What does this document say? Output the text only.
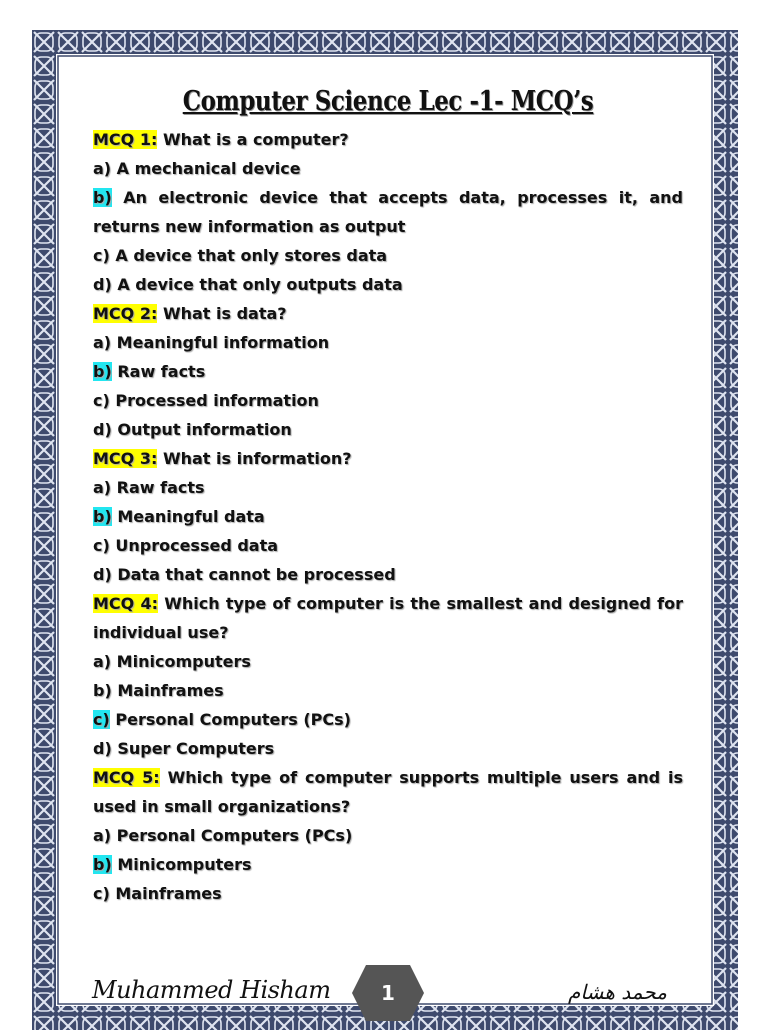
Computer Science Lec -1- MCQ’s
MCQ 1: What is a computer?
a) A mechanical device
b) An electronic device that accepts data, processes it, and returns new information as output
c) A device that only stores data
d) A device that only outputs data
MCQ 2: What is data?
a) Meaningful information
b) Raw facts
c) Processed information
d) Output information
MCQ 3: What is information?
a) Raw facts
b) Meaningful data
c) Unprocessed data
d) Data that cannot be processed
MCQ 4: Which type of computer is the smallest and designed for individual use?
a) Minicomputers
b) Mainframes
c) Personal Computers (PCs)
d) Super Computers
MCQ 5: Which type of computer supports multiple users and is used in small organizations?
a) Personal Computers (PCs)
b) Minicomputers
c) Mainframes
Muhammed Hisham	1	محمد هشام
